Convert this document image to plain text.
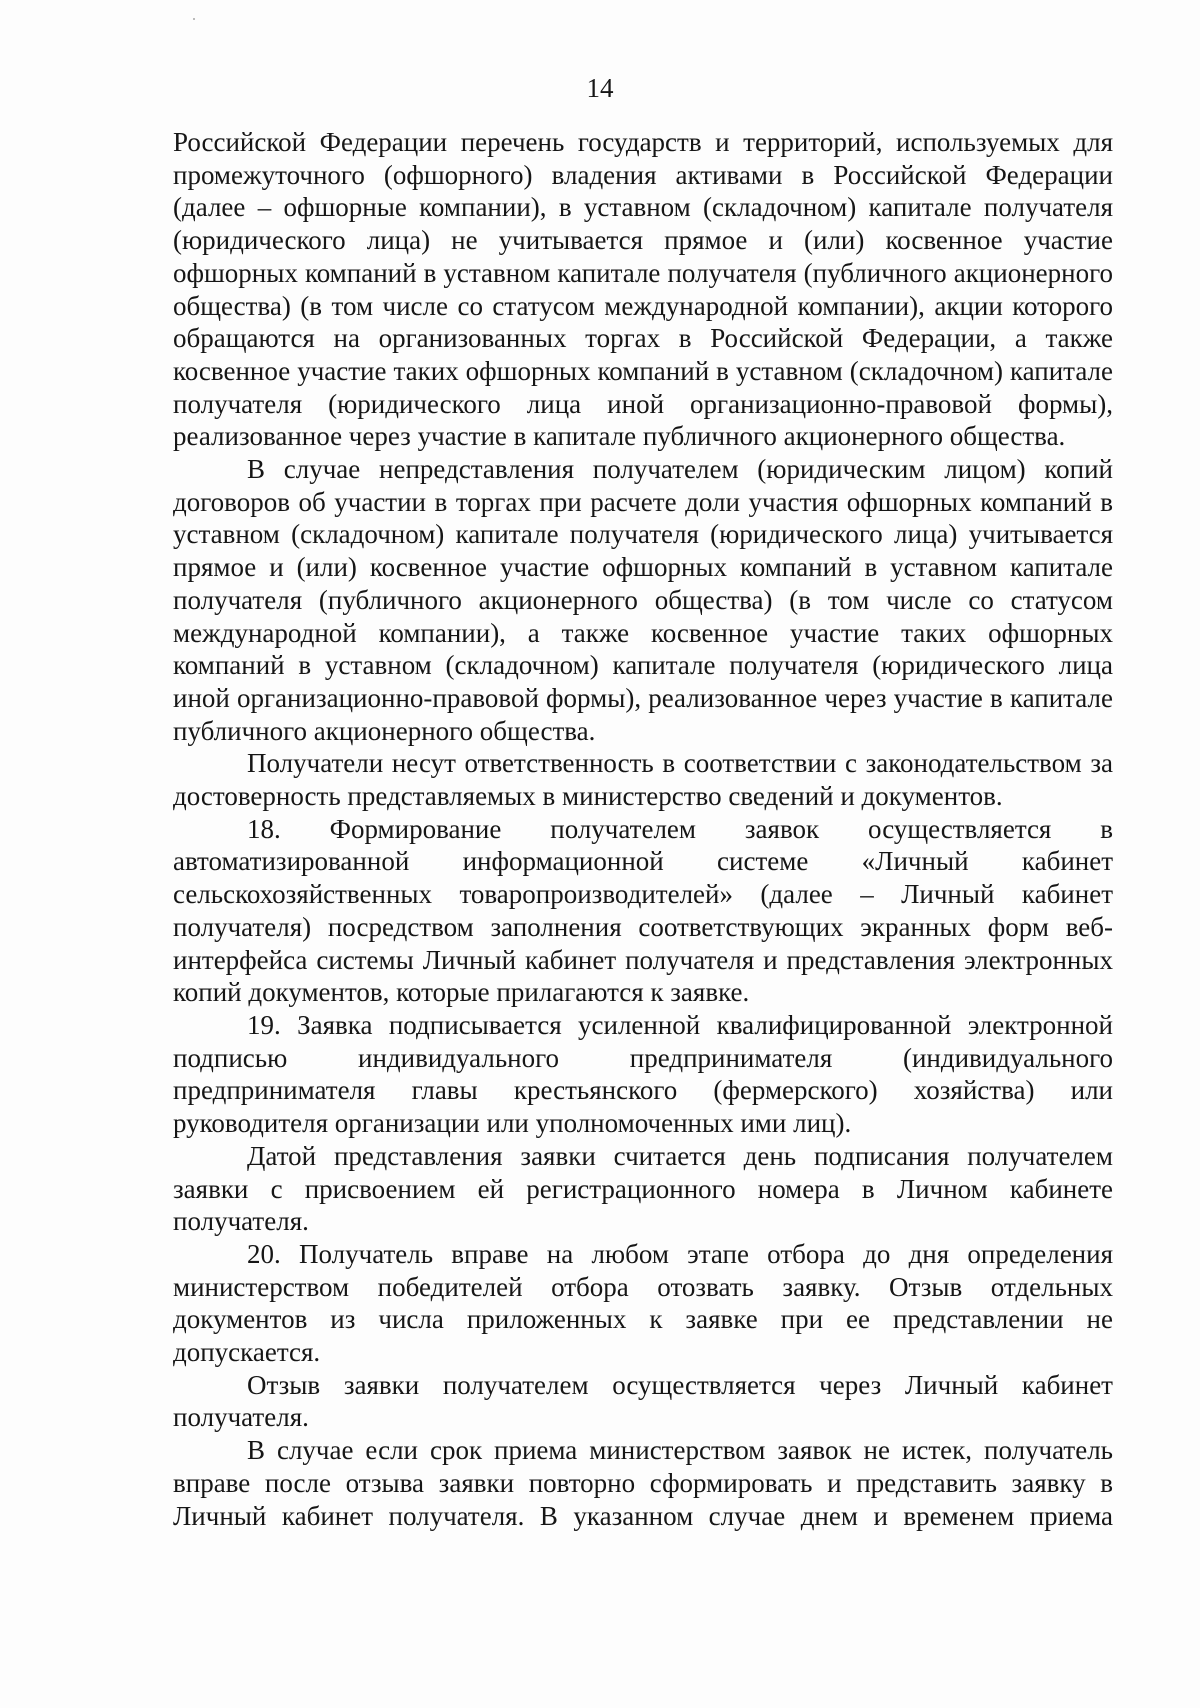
14

Российской Федерации перечень государств и территорий, используемых для промежуточного (офшорного) владения активами в Российской Федерации (далее – офшорные компании), в уставном (складочном) капитале получателя (юридического лица) не учитывается прямое и (или) косвенное участие офшорных компаний в уставном капитале получателя (публичного акционерного общества) (в том числе со статусом международной компании), акции которого обращаются на организованных торгах в Российской Федерации, а также косвенное участие таких офшорных компаний в уставном (складочном) капитале получателя (юридического лица иной организационно-правовой формы), реализованное через участие в капитале публичного акционерного общества.

В случае непредставления получателем (юридическим лицом) копий договоров об участии в торгах при расчете доли участия офшорных компаний в уставном (складочном) капитале получателя (юридического лица) учитывается прямое и (или) косвенное участие офшорных компаний в уставном капитале получателя (публичного акционерного общества) (в том числе со статусом международной компании), а также косвенное участие таких офшорных компаний в уставном (складочном) капитале получателя (юридического лица иной организационно-правовой формы), реализованное через участие в капитале публичного акционерного общества.

Получатели несут ответственность в соответствии с законодательством за достоверность представляемых в министерство сведений и документов.

18. Формирование получателем заявок осуществляется в автоматизированной информационной системе «Личный кабинет сельскохозяйственных товаропроизводителей» (далее – Личный кабинет получателя) посредством заполнения соответствующих экранных форм веб-интерфейса системы Личный кабинет получателя и представления электронных копий документов, которые прилагаются к заявке.

19. Заявка подписывается усиленной квалифицированной электронной подписью индивидуального предпринимателя (индивидуального предпринимателя главы крестьянского (фермерского) хозяйства) или руководителя организации или уполномоченных ими лиц).

Датой представления заявки считается день подписания получателем заявки с присвоением ей регистрационного номера в Личном кабинете получателя.

20. Получатель вправе на любом этапе отбора до дня определения министерством победителей отбора отозвать заявку. Отзыв отдельных документов из числа приложенных к заявке при ее представлении не допускается.

Отзыв заявки получателем осуществляется через Личный кабинет получателя.

В случае если срок приема министерством заявок не истек, получатель вправе после отзыва заявки повторно сформировать и представить заявку в Личный кабинет получателя. В указанном случае днем и временем приема
